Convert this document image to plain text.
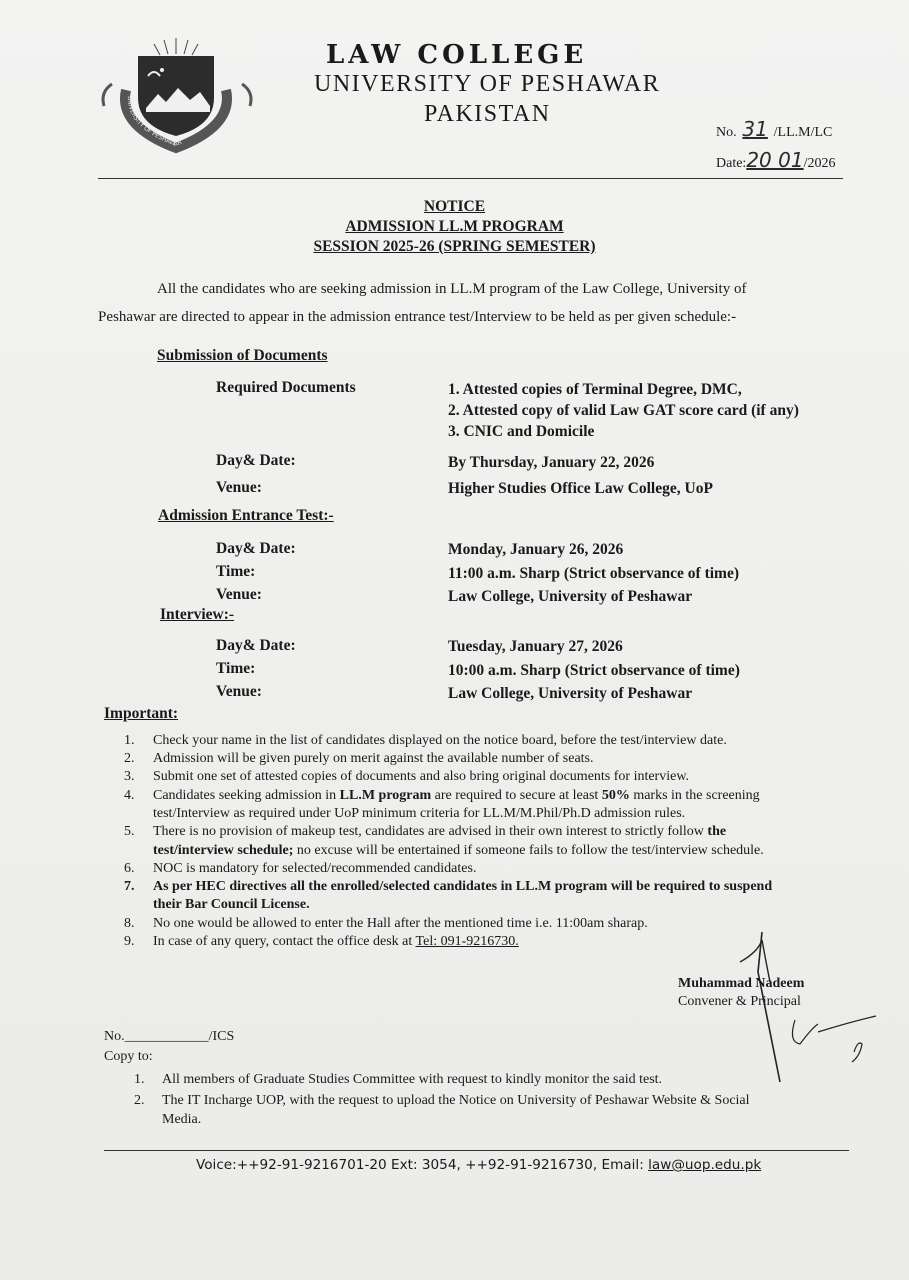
UNIVERSITY OF PESHAWAR
LAW COLLEGE
UNIVERSITY OF PESHAWAR
PAKISTAN
No. 31 /LL.M/LC
Date:20 01/2026
NOTICE
ADMISSION LL.M PROGRAM
SESSION 2025-26 (SPRING SEMESTER)
All the candidates who are seeking admission in LL.M program of the Law College, University of
Peshawar are directed to appear in the admission entrance test/Interview to be held as per given schedule:-
Submission of Documents
Required Documents	1. Attested copies of Terminal Degree, DMC,
2. Attested copy of valid Law GAT score card (if any)
3. CNIC and Domicile
Day& Date:	By Thursday, January 22, 2026
Venue:	Higher Studies Office Law College, UoP
Admission Entrance Test:-
Day& Date:	Monday, January 26, 2026
Time:	11:00 a.m. Sharp (Strict observance of time)
Venue:	Law College, University of Peshawar
Interview:-
Day& Date:	Tuesday, January 27, 2026
Time:	10:00 a.m. Sharp (Strict observance of time)
Venue:	Law College, University of Peshawar
Important:
1. Check your name in the list of candidates displayed on the notice board, before the test/interview date.
2. Admission will be given purely on merit against the available number of seats.
3. Submit one set of attested copies of documents and also bring original documents for interview.
4. Candidates seeking admission in LL.M program are required to secure at least 50% marks in the screening
test/Interview as required under UoP minimum criteria for LL.M/M.Phil/Ph.D admission rules.
5. There is no provision of makeup test, candidates are advised in their own interest to strictly follow the
test/interview schedule; no excuse will be entertained if someone fails to follow the test/interview schedule.
6. NOC is mandatory for selected/recommended candidates.
7. As per HEC directives all the enrolled/selected candidates in LL.M program will be required to suspend
their Bar Council License.
8. No one would be allowed to enter the Hall after the mentioned time i.e. 11:00am sharap.
9. In case of any query, contact the office desk at Tel: 091-9216730.
Muhammad Nadeem
Convener & Principal
No.____________/ICS
Copy to:
1. All members of Graduate Studies Committee with request to kindly monitor the said test.
2. The IT Incharge UOP, with the request to upload the Notice on University of Peshawar Website & Social
Media.
Voice:++92-91-9216701-20 Ext: 3054, ++92-91-9216730, Email: law@uop.edu.pk
